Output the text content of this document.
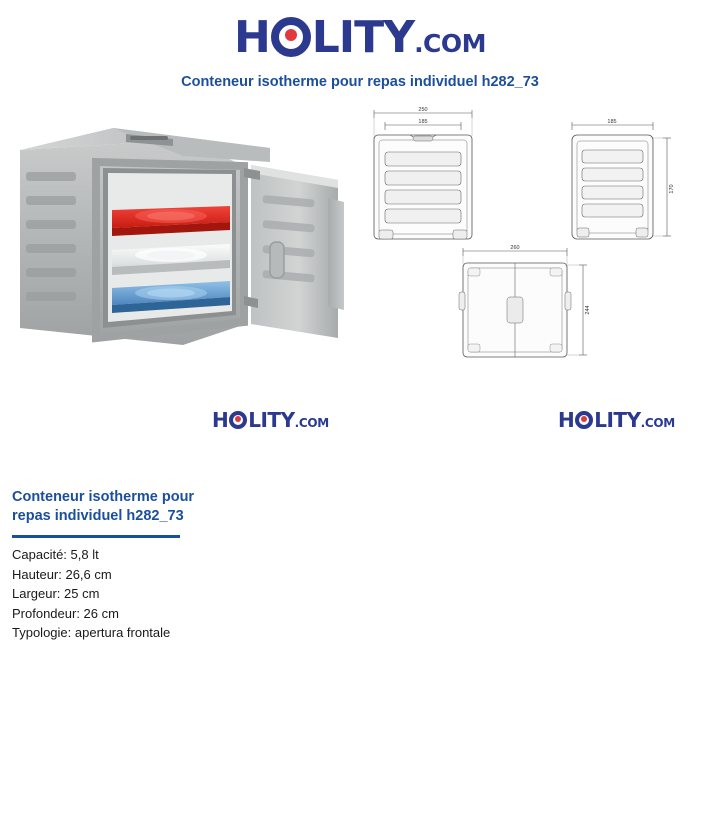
H LITY.COM
Conteneur isotherme pour repas individuel h282_73
250
185	185
170
260
244
H LITY.COM	H LITY.COM
Conteneur isotherme pour
repas individuel h282_73
Capacité: 5,8 lt
Hauteur: 26,6 cm
Largeur: 25 cm
Profondeur: 26 cm
Typologie: apertura frontale
